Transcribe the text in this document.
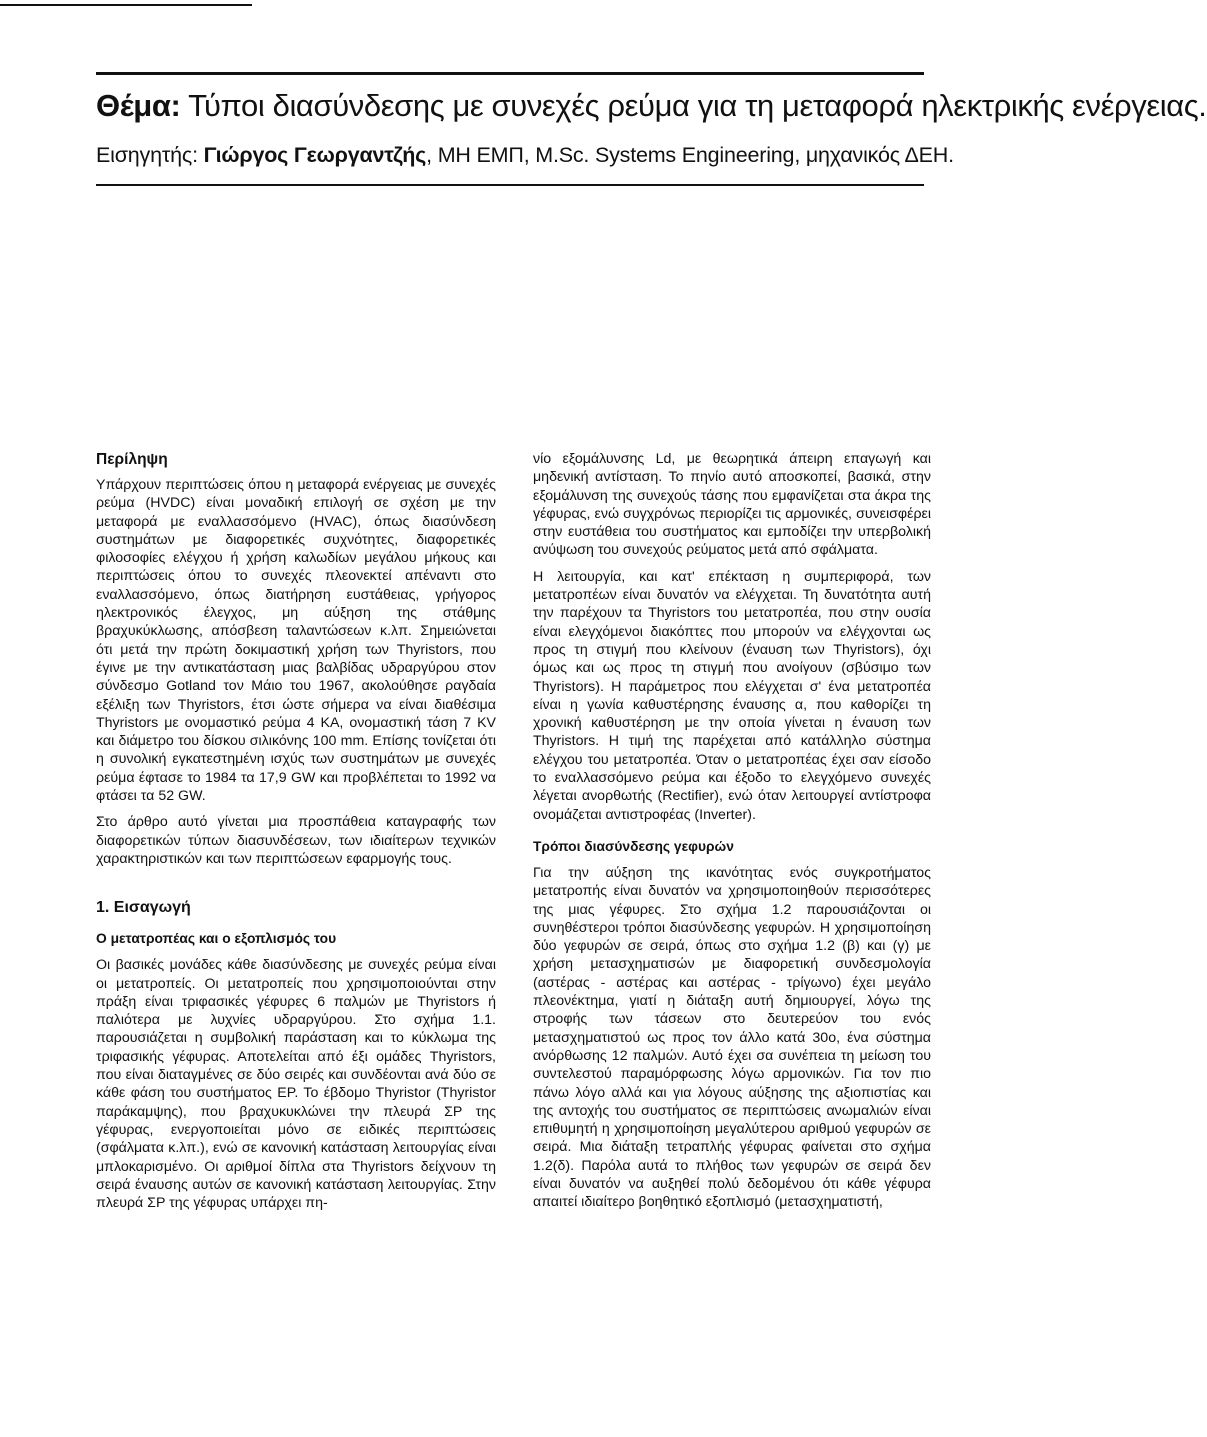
Θέμα: Τύποι διασύνδεσης με συνεχές ρεύμα για τη μεταφορά ηλεκτρικής ενέργειας.
Εισηγητής: Γιώργος Γεωργαντζής, ΜΗ ΕΜΠ, M.Sc. Systems Engineering, μηχανικός ΔΕΗ.
Περίληψη

Υπάρχουν περιπτώσεις όπου η μεταφορά ενέργειας με συνεχές ρεύμα (HVDC) είναι μοναδική επιλογή σε σχέση με την μεταφορά με εναλλασσόμενο (HVAC), όπως διασύνδεση συστημάτων με διαφορετικές συχνότητες, διαφορετικές φιλοσοφίες ελέγχου ή χρήση καλωδίων μεγάλου μήκους και περιπτώσεις όπου το συνεχές πλεονεκτεί απέναντι στο εναλλασσόμενο, όπως διατήρηση ευστάθειας, γρήγορος ηλεκτρονικός έλεγχος, μη αύξηση της στάθμης βραχυκύκλωσης, απόσβεση ταλαντώσεων κ.λπ. Σημειώνεται ότι μετά την πρώτη δοκιμαστική χρήση των Thyristors, που έγινε με την αντικατάσταση μιας βαλβίδας υδραργύρου στον σύνδεσμο Gotland τον Μάιο του 1967, ακολούθησε ραγδαία εξέλιξη των Thyristors, έτσι ώστε σήμερα να είναι διαθέσιμα Thyristors με ονομαστικό ρεύμα 4 KA, ονομαστική τάση 7 KV και διάμετρο του δίσκου σιλικόνης 100 mm. Επίσης τονίζεται ότι η συνολική εγκατεστημένη ισχύς των συστημάτων με συνεχές ρεύμα έφτασε το 1984 τα 17,9 GW και προβλέπεται το 1992 να φτάσει τα 52 GW.

Στο άρθρο αυτό γίνεται μια προσπάθεια καταγραφής των διαφορετικών τύπων διασυνδέσεων, των ιδιαίτερων τεχνικών χαρακτηριστικών και των περιπτώσεων εφαρμογής τους.

1. Εισαγωγή
Ο μετατροπέας και ο εξοπλισμός του

Οι βασικές μονάδες κάθε διασύνδεσης με συνεχές ρεύμα είναι οι μετατροπείς. Οι μετατροπείς που χρησιμοποιούνται στην πράξη είναι τριφασικές γέφυρες 6 παλμών με Thyristors ή παλιότερα με λυχνίες υδραργύρου. Στο σχήμα 1.1. παρουσιάζεται η συμβολική παράσταση και το κύκλωμα της τριφασικής γέφυρας. Αποτελείται από έξι ομάδες Thyristors, που είναι διαταγμένες σε δύο σειρές και συνδέονται ανά δύο σε κάθε φάση του συστήματος ΕΡ. Το έβδομο Thyristor (Thyristor παράκαμψης), που βραχυκυκλώνει την πλευρά ΣΡ της γέφυρας, ενεργοποιείται μόνο σε ειδικές περιπτώσεις (σφάλματα κ.λπ.), ενώ σε κανονική κατάσταση λειτουργίας είναι μπλοκαρισμένο. Οι αριθμοί δίπλα στα Thyristors δείχνουν τη σειρά έναυσης αυτών σε κανονική κατάσταση λειτουργίας. Στην πλευρά ΣΡ της γέφυρας υπάρχει πη-

νίο εξομάλυνσης Ld, με θεωρητικά άπειρη επαγωγή και μηδενική αντίσταση. Το πηνίο αυτό αποσκοπεί, βασικά, στην εξομάλυνση της συνεχούς τάσης που εμφανίζεται στα άκρα της γέφυρας, ενώ συγχρόνως περιορίζει τις αρμονικές, συνεισφέρει στην ευστάθεια του συστήματος και εμποδίζει την υπερβολική ανύψωση του συνεχούς ρεύματος μετά από σφάλματα.

Η λειτουργία, και κατ' επέκταση η συμπεριφορά, των μετατροπέων είναι δυνατόν να ελέγχεται. Τη δυνατότητα αυτή την παρέχουν τα Thyristors του μετατροπέα, που στην ουσία είναι ελεγχόμενοι διακόπτες που μπορούν να ελέγχονται ως προς τη στιγμή που κλείνουν (έναυση των Thyristors), όχι όμως και ως προς τη στιγμή που ανοίγουν (σβύσιμο των Thyristors). Η παράμετρος που ελέγχεται σ' ένα μετατροπέα είναι η γωνία καθυστέρησης έναυσης α, που καθορίζει τη χρονική καθυστέρηση με την οποία γίνεται η έναυση των Thyristors. Η τιμή της παρέχεται από κατάλληλο σύστημα ελέγχου του μετατροπέα. Όταν ο μετατροπέας έχει σαν είσοδο το εναλλασσόμενο ρεύμα και έξοδο το ελεγχόμενο συνεχές λέγεται ανορθωτής (Rectifier), ενώ όταν λειτουργεί αντίστροφα ονομάζεται αντιστροφέας (Inverter).

Τρόποι διασύνδεσης γεφυρών

Για την αύξηση της ικανότητας ενός συγκροτήματος μετατροπής είναι δυνατόν να χρησιμοποιηθούν περισσότερες της μιας γέφυρες. Στο σχήμα 1.2 παρουσιάζονται οι συνηθέστεροι τρόποι διασύνδεσης γεφυρών. Η χρησιμοποίηση δύο γεφυρών σε σειρά, όπως στο σχήμα 1.2 (β) και (γ) με χρήση μετασχηματισών με διαφορετική συνδεσμολογία (αστέρας - αστέρας και αστέρας - τρίγωνο) έχει μεγάλο πλεονέκτημα, γιατί η διάταξη αυτή δημιουργεί, λόγω της στροφής των τάσεων στο δευτερεύον του ενός μετασχηματιστού ως προς τον άλλο κατά 30ο, ένα σύστημα ανόρθωσης 12 παλμών. Αυτό έχει σα συνέπεια τη μείωση του συντελεστού παραμόρφωσης λόγω αρμονικών. Για τον πιο πάνω λόγο αλλά και για λόγους αύξησης της αξιοπιστίας και της αντοχής του συστήματος σε περιπτώσεις ανωμαλιών είναι επιθυμητή η χρησιμοποίηση μεγαλύτερου αριθμού γεφυρών σε σειρά. Μια διάταξη τετραπλής γέφυρας φαίνεται στο σχήμα 1.2(δ). Παρόλα αυτά το πλήθος των γεφυρών σε σειρά δεν είναι δυνατόν να αυξηθεί πολύ δεδομένου ότι κάθε γέφυρα απαιτεί ιδιαίτερο βοηθητικό εξοπλισμό (μετασχηματιστή,
